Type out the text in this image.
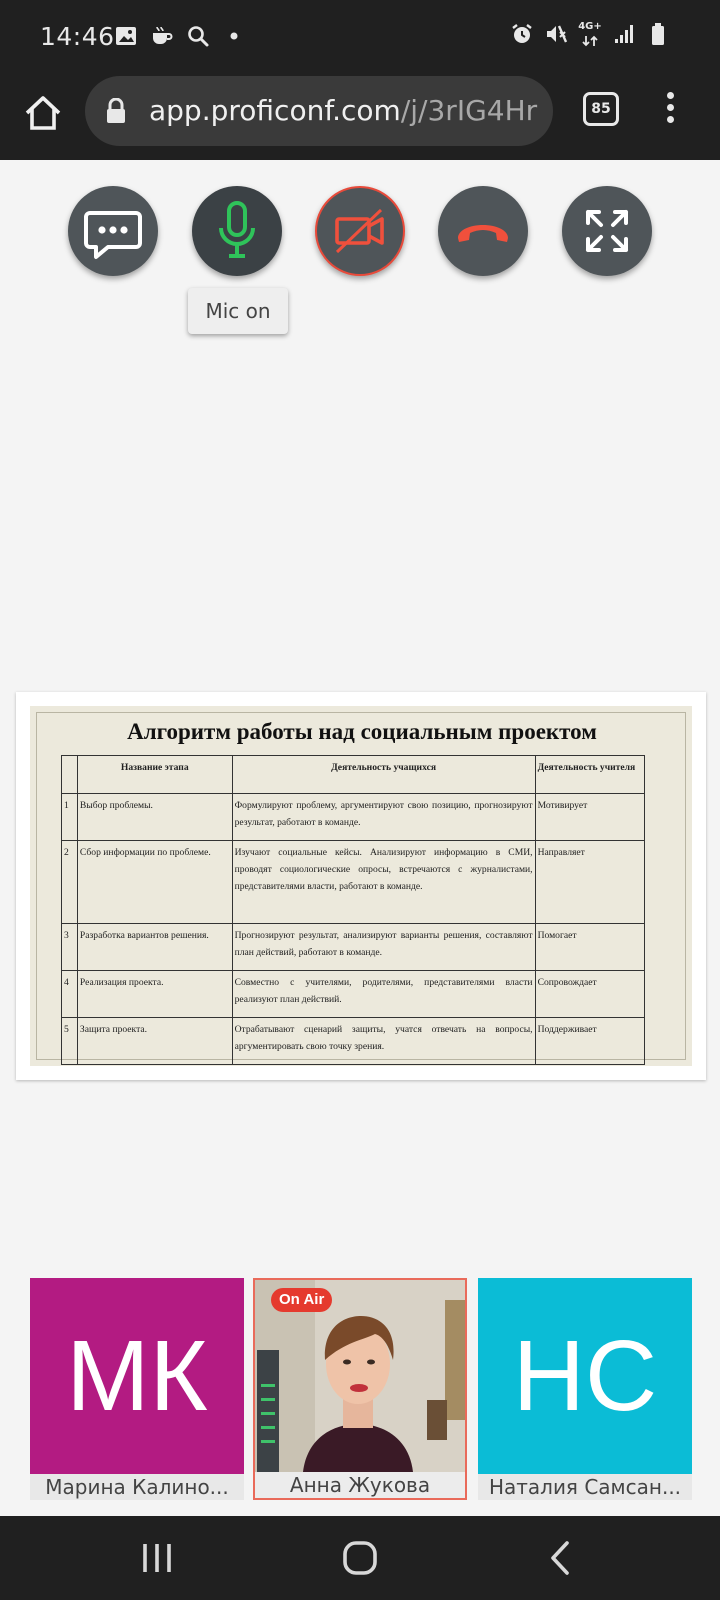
14:46	4G+
app.proficonf.com/j/3rIG4Hr	85
Mic on
Алгоритм работы над социальным проектом
	Название этапа	Деятельность учащихся	Деятельность учителя
1	Выбор проблемы.	Формулируют проблему, аргументируют свою позицию, прогнозируют результат, работают в команде.	Мотивирует
2	Сбор информации по проблеме.	Изучают социальные кейсы. Анализируют информацию в СМИ, проводят социологические опросы, встречаются с журналистами, представителями власти, работают в команде.	Направляет
3	Разработка вариантов решения.	Прогнозируют результат, анализируют варианты решения, составляют план действий, работают в команде.	Помогает
4	Реализация проекта.	Совместно с учителями, родителями, представителями власти реализуют план действий.	Сопровождает
5	Защита проекта.	Отрабатывают сценарий защиты, учатся отвечать на вопросы, аргументировать свою точку зрения.	Поддерживает
МК
Марина Калино...
On Air
Анна Жукова
НС
Наталия Самсан...
